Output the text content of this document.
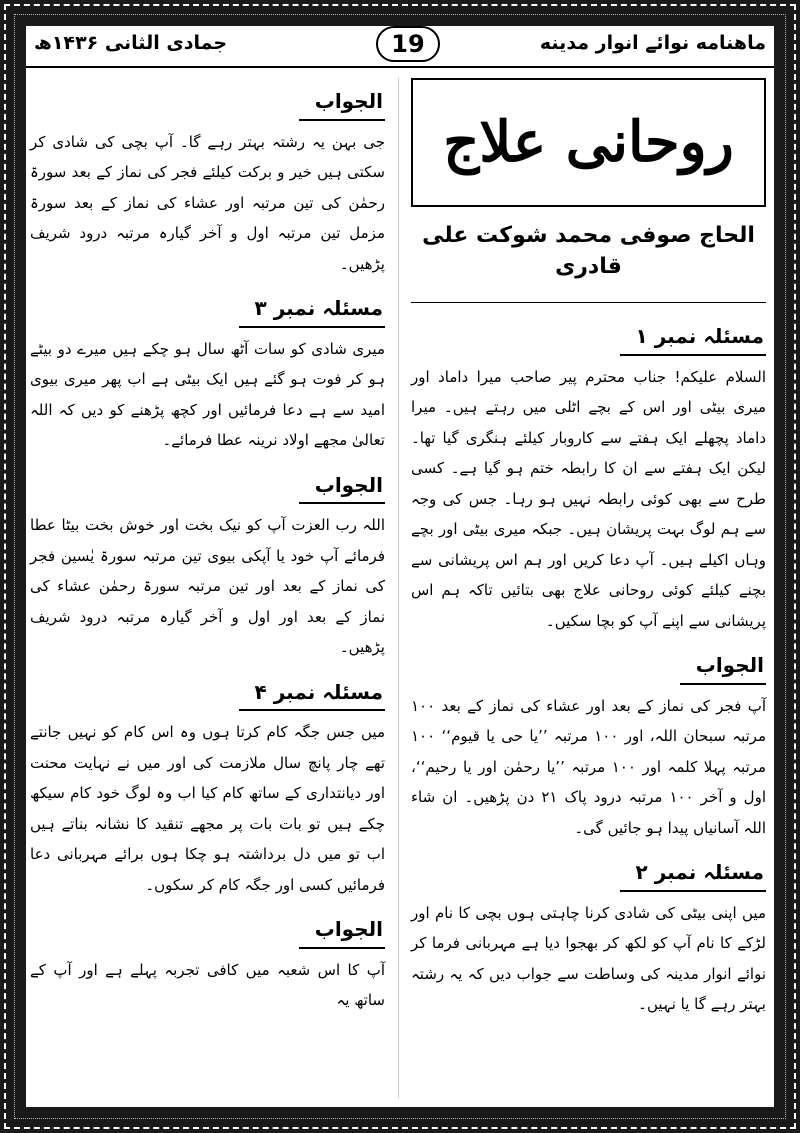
ماهنامه نوائے انوار مدینه
19
جمادی الثانی ۱۴۳۶ھ
روحانی علاج
الحاج صوفی محمد شوکت علی قادری
مسئلہ نمبر ۱

السلام علیکم! جناب محترم پیر صاحب میرا داماد اور میری بیٹی اور اس کے بچے اٹلی میں رہتے ہیں۔ میرا داماد پچھلے ایک ہفتے سے کاروبار کیلئے ہنگری گیا تھا۔ لیکن ایک ہفتے سے ان کا رابطہ ختم ہو گیا ہے۔ کسی طرح سے بھی کوئی رابطہ نہیں ہو رہا۔ جس کی وجہ سے ہم لوگ بہت پریشان ہیں۔ جبکہ میری بیٹی اور بچے وہاں اکیلے ہیں۔ آپ دعا کریں اور ہم اس پریشانی سے بچنے کیلئے کوئی روحانی علاج بھی بتائیں تاکہ ہم اس پریشانی سے اپنے آپ کو بچا سکیں۔

الجواب

آپ فجر کی نماز کے بعد اور عشاء کی نماز کے بعد ۱۰۰ مرتبہ سبحان اللہ، اور ۱۰۰ مرتبہ ’’یا حی یا قیوم‘‘ ۱۰۰ مرتبہ پہلا کلمہ اور ۱۰۰ مرتبہ ’’یا رحمٰن اور یا رحیم‘‘، اول و آخر ۱۰۰ مرتبہ درود پاک ۲۱ دن پڑھیں۔ ان شاء اللہ آسانیاں پیدا ہو جائیں گی۔

مسئلہ نمبر ۲

میں اپنی بیٹی کی شادی کرنا چاہتی ہوں بچی کا نام اور لڑکے کا نام آپ کو لکھ کر بھجوا دیا ہے مہربانی فرما کر نوائے انوار مدینہ کی وساطت سے جواب دیں کہ یہ رشتہ بہتر رہے گا یا نہیں۔

الجواب

جی بہن یہ رشتہ بہتر رہے گا۔ آپ بچی کی شادی کر سکتی ہیں خیر و برکت کیلئے فجر کی نماز کے بعد سورۃ رحمٰن کی تین مرتبہ اور عشاء کی نماز کے بعد سورۃ مزمل تین مرتبہ اول و آخر گیارہ مرتبہ درود شریف پڑھیں۔

مسئلہ نمبر ۳

میری شادی کو سات آٹھ سال ہو چکے ہیں میرے دو بیٹے ہو کر فوت ہو گئے ہیں ایک بیٹی ہے اب پھر میری بیوی امید سے ہے دعا فرمائیں اور کچھ پڑھنے کو دیں کہ اللہ تعالیٰ مجھے اولاد نرینہ عطا فرمائے۔

الجواب

اللہ رب العزت آپ کو نیک بخت اور خوش بخت بیٹا عطا فرمائے آپ خود یا آپکی بیوی تین مرتبہ سورۃ یٰسین فجر کی نماز کے بعد اور تین مرتبہ سورۃ رحمٰن عشاء کی نماز کے بعد اور اول و آخر گیارہ مرتبہ درود شریف پڑھیں۔

مسئلہ نمبر ۴

میں جس جگہ کام کرتا ہوں وہ اس کام کو نہیں جانتے تھے چار پانچ سال ملازمت کی اور میں نے نہایت محنت اور دیانتداری کے ساتھ کام کیا اب وہ لوگ خود کام سیکھ چکے ہیں تو بات بات پر مجھے تنقید کا نشانہ بناتے ہیں اب تو میں دل برداشتہ ہو چکا ہوں برائے مہربانی دعا فرمائیں کسی اور جگہ کام کر سکوں۔

الجواب

آپ کا اس شعبہ میں کافی تجربہ پہلے ہے اور آپ کے ساتھ یہ
